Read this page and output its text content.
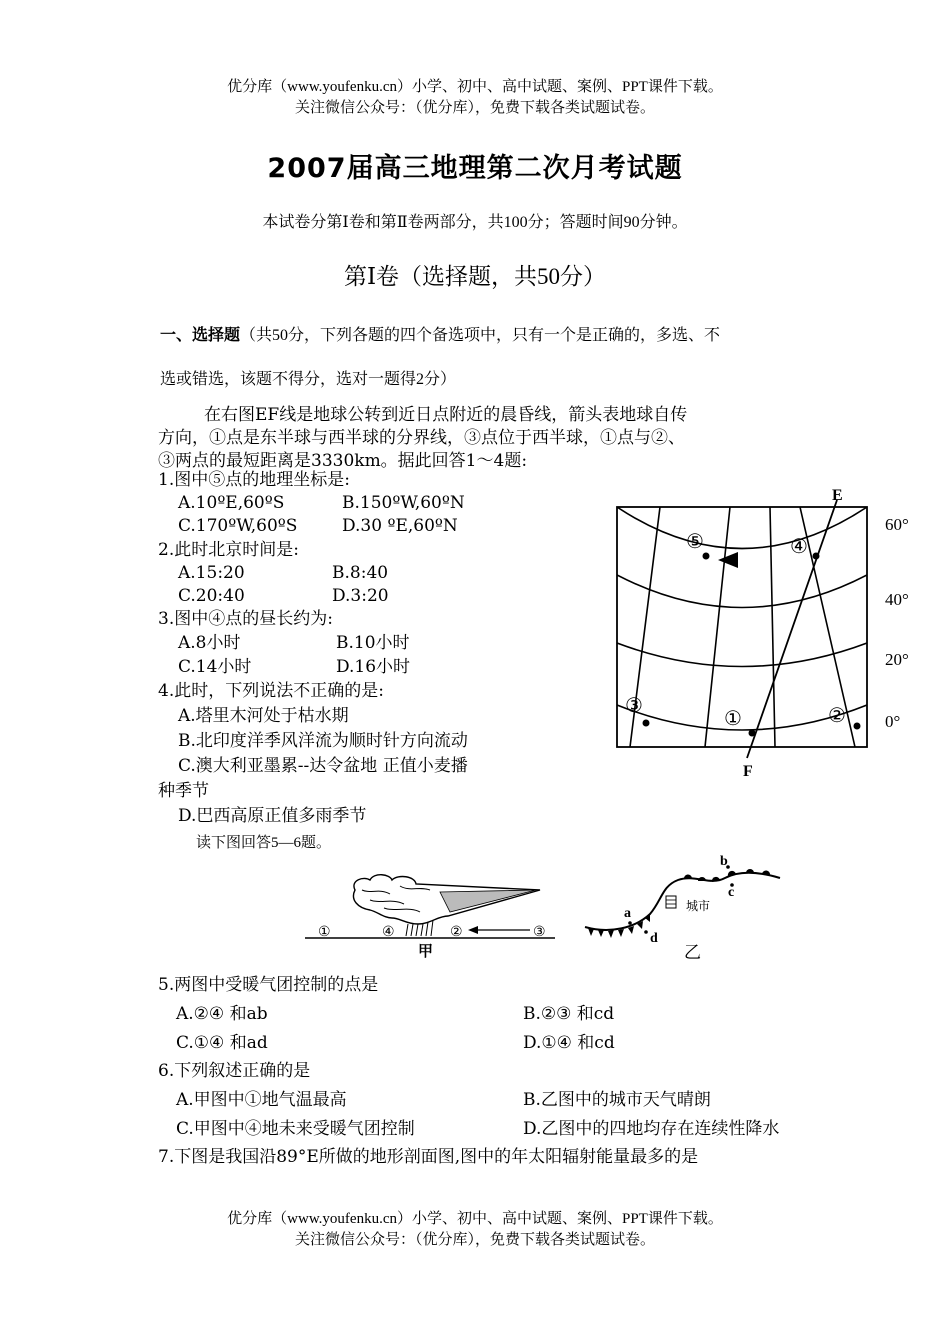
优分库（www.youfenku.cn）小学、初中、高中试题、案例、PPT课件下载。
关注微信公众号：（优分库），免费下载各类试题试卷。
2007届高三地理第二次月考试题
本试卷分第Ⅰ卷和第Ⅱ卷两部分，共100分；答题时间90分钟。
第Ⅰ卷（选择题，共50分）
一、选择题（共50分，下列各题的四个备选项中，只有一个是正确的，多选、不
选或错选，该题不得分，选对一题得2分）
在右图EF线是地球公转到近日点附近的晨昏线，箭头表地球自传
方向，①点是东半球与西半球的分界线，③点位于西半球，①点与②、
③两点的最短距离是3330km。据此回答1～4题:
1.图中⑤点的地理坐标是:
A.10ºE,60ºS	B.150ºW,60ºN
C.170ºW,60ºS	D.30 ºE,60ºN
2.此时北京时间是:
A.15:20	B.8:40
C.20:40	D.3:20
3.图中④点的昼长约为:
A.8小时	B.10小时
C.14小时	D.16小时
4.此时，下列说法不正确的是:
A.塔里木河处于枯水期
B.北印度洋季风洋流为顺时针方向流动
C.澳大利亚墨累--达令盆地 正值小麦播
种季节
D.巴西高原正值多雨季节
读下图回答5—6题。
E
F
60°
40°
20°
0°
⑤	④
③
①	②
①	④	②	③
甲
城市
a
b
c
d
乙
5.两图中受暖气团控制的点是
A.②④ 和ab	B.②③ 和cd
C.①④ 和ad	D.①④ 和cd
6.下列叙述正确的是
A.甲图中①地气温最高	B.乙图中的城市天气晴朗
C.甲图中④地未来受暖气团控制	D.乙图中的四地均存在连续性降水
7.下图是我国沿89°E所做的地形剖面图,图中的年太阳辐射能量最多的是
优分库（www.youfenku.cn）小学、初中、高中试题、案例、PPT课件下载。
关注微信公众号：（优分库），免费下载各类试题试卷。
